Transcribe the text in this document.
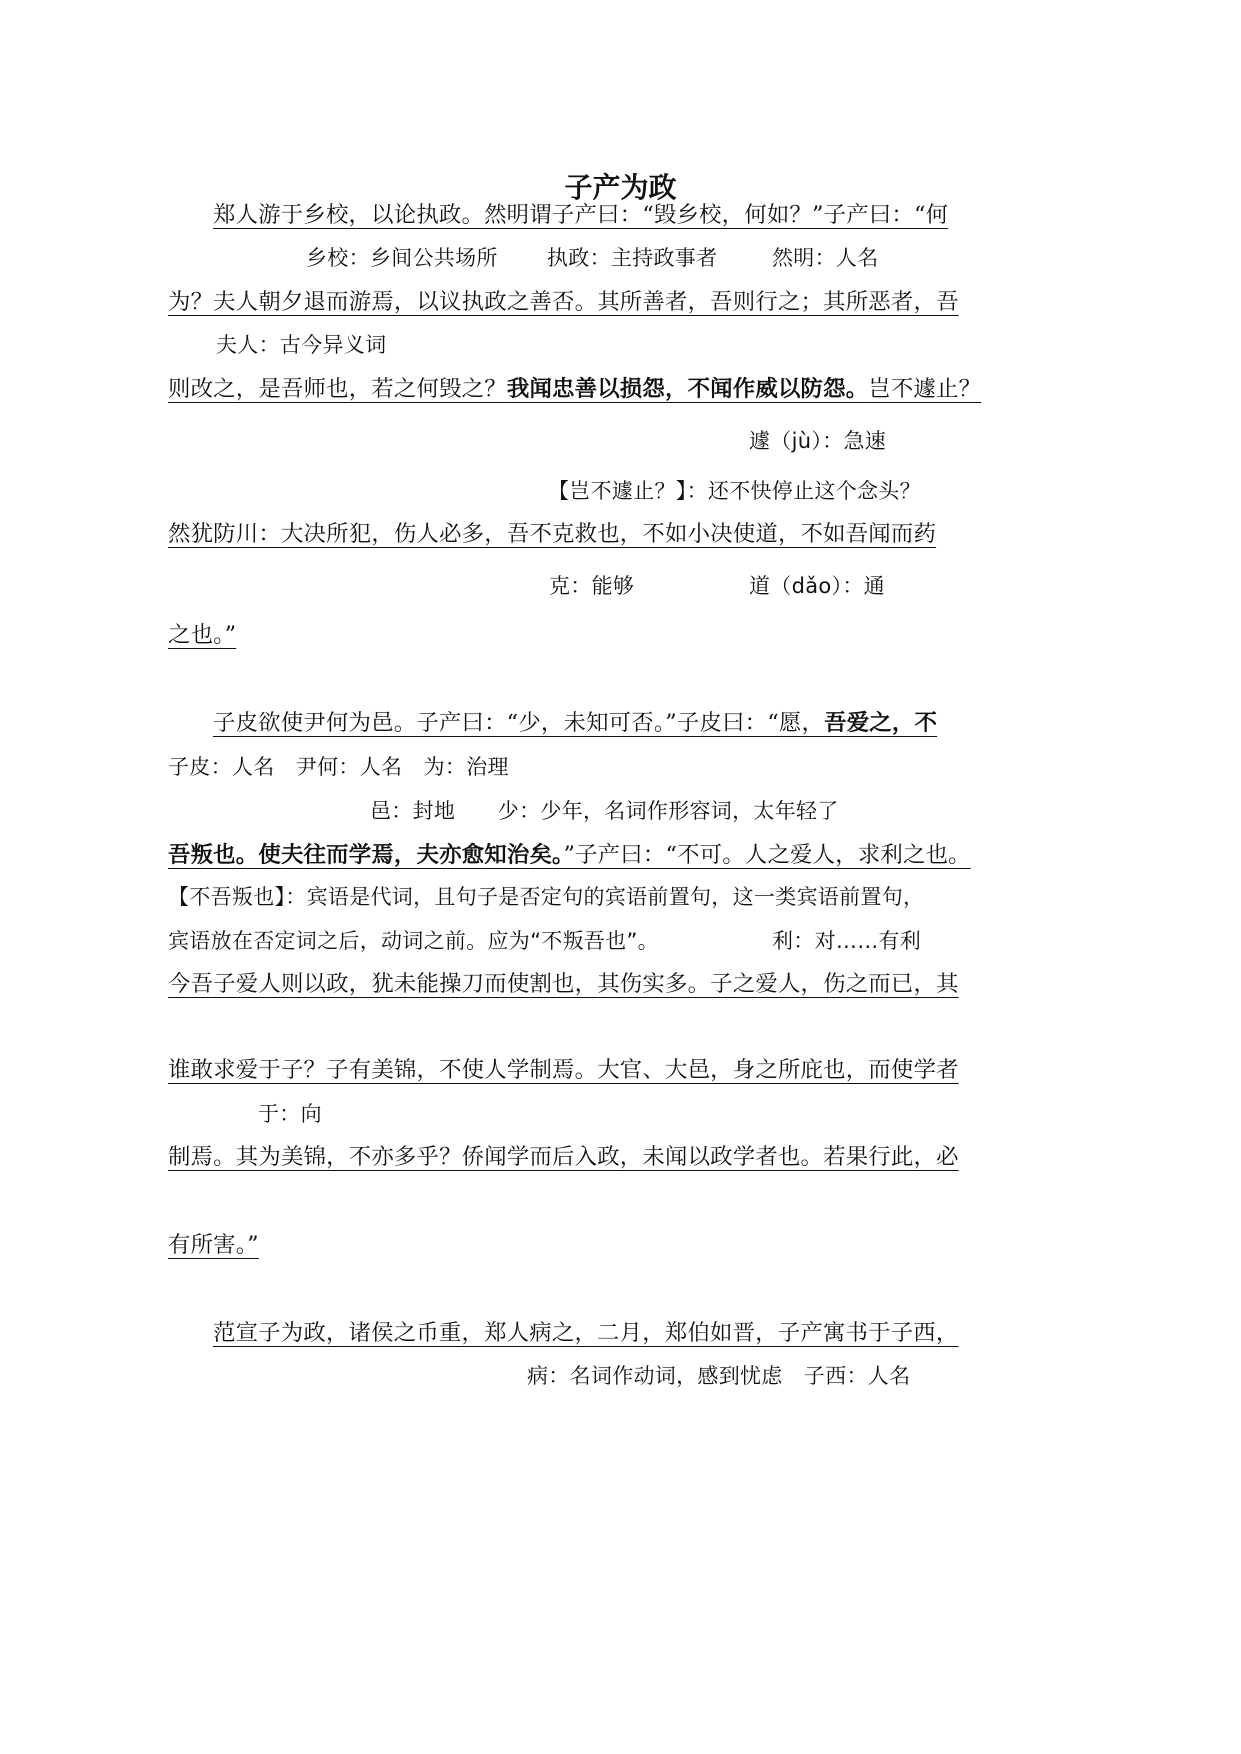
子产为政
郑人游于乡校，以论执政。然明谓子产曰：“毁乡校，何如？”子产曰：“何
乡校：乡间公共场所 执政：主持政事者	然明：人名
为？夫人朝夕退而游焉，以议执政之善否。其所善者，吾则行之；其所恶者，吾
夫人：古今异义词
则改之，是吾师也，若之何毁之？我闻忠善以损怨，不闻作威以防怨。岂不遽止？
遽（jù）：急速
【岂不遽止？】：还不快停止这个念头？
然犹防川：大决所犯，伤人必多，吾不克救也，不如小决使道，不如吾闻而药
克：能够	道（dǎo）：通
之也。”
子皮欲使尹何为邑。子产曰：“少，未知可否。”子皮曰：“愿，吾爱之，不
子皮：人名　尹何：人名　为：治理
邑：封地　　少：少年，名词作形容词，太年轻了
吾叛也。使夫往而学焉，夫亦愈知治矣。”子产曰：“不可。人之爱人，求利之也。
【不吾叛也】：宾语是代词，且句子是否定句的宾语前置句，这一类宾语前置句，
宾语放在否定词之后，动词之前。应为“不叛吾也”。	利：对……有利
今吾子爱人则以政，犹未能操刀而使割也，其伤实多。子之爱人，伤之而已，其
谁敢求爱于子？子有美锦，不使人学制焉。大官、大邑，身之所庇也，而使学者
于：向
制焉。其为美锦，不亦多乎？侨闻学而后入政，未闻以政学者也。若果行此，必
有所害。”
范宣子为政，诸侯之币重，郑人病之，二月，郑伯如晋，子产寓书于子西，
病：名词作动词，感到忧虑　子西：人名
